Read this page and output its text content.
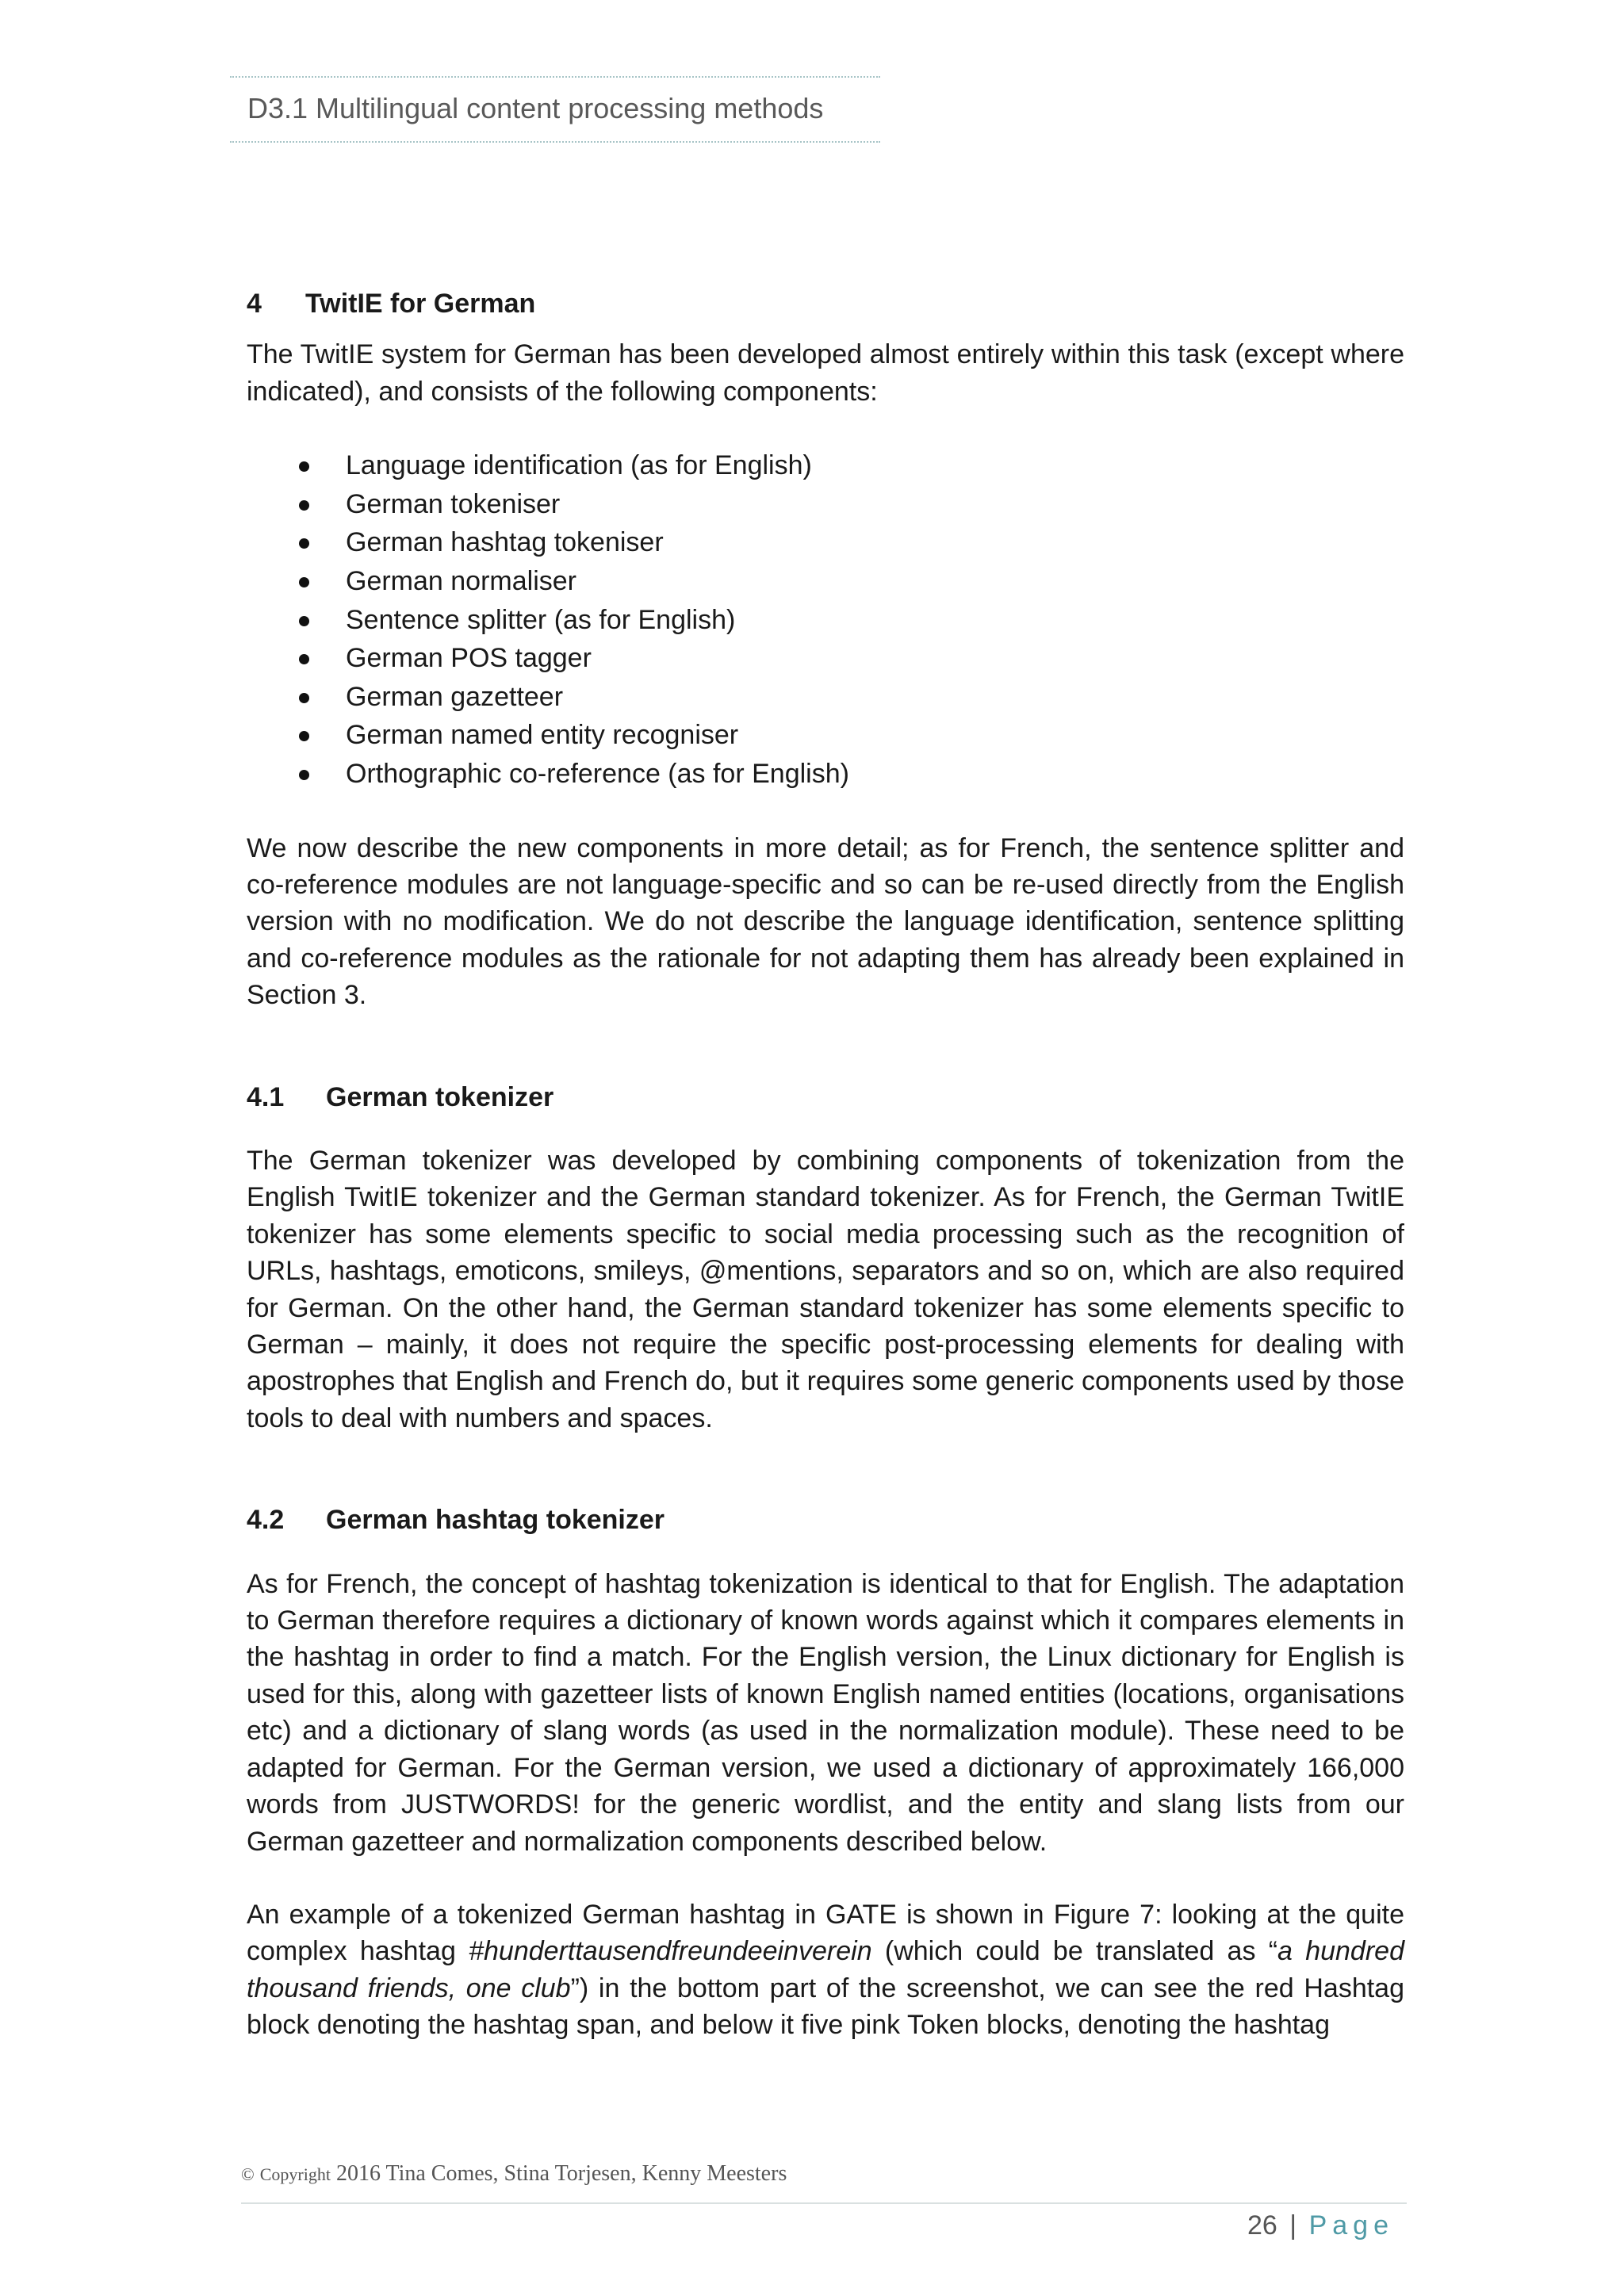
D3.1 Multilingual content processing methods
4	TwitIE for German

The TwitIE system for German has been developed almost entirely within this task (except where indicated), and consists of the following components:

Language identification (as for English)
German tokeniser
German hashtag tokeniser
German normaliser
Sentence splitter (as for English)
German POS tagger
German gazetteer
German named entity recogniser
Orthographic co-reference (as for English)

We now describe the new components in more detail; as for French, the sentence splitter and co-reference modules are not language-specific and so can be re-used directly from the English version with no modification. We do not describe the language identification, sentence splitting and co-reference modules as the rationale for not adapting them has already been explained in Section 3.

4.1	German tokenizer

The German tokenizer was developed by combining components of tokenization from the English TwitIE tokenizer and the German standard tokenizer. As for French, the German TwitIE tokenizer has some elements specific to social media processing such as the recognition of URLs, hashtags, emoticons, smileys, @mentions, separators and so on, which are also required for German. On the other hand, the German standard tokenizer has some elements specific to German – mainly, it does not require the specific post-processing elements for dealing with apostrophes that English and French do, but it requires some generic components used by those tools to deal with numbers and spaces.

4.2	German hashtag tokenizer

As for French, the concept of hashtag tokenization is identical to that for English. The adaptation to German therefore requires a dictionary of known words against which it compares elements in the hashtag in order to find a match. For the English version, the Linux dictionary for English is used for this, along with gazetteer lists of known English named entities (locations, organisations etc) and a dictionary of slang words (as used in the normalization module). These need to be adapted for German. For the German version, we used a dictionary of approximately 166,000 words from JUSTWORDS! for the generic wordlist, and the entity and slang lists from our German gazetteer and normalization components described below.

An example of a tokenized German hashtag in GATE is shown in Figure 7: looking at the quite complex hashtag #hunderttausendfreundeeinverein (which could be translated as “a hundred thousand friends, one club”) in the bottom part of the screenshot, we can see the red Hashtag block denoting the hashtag span, and below it five pink Token blocks, denoting the hashtag

© Copyright 2016 Tina Comes, Stina Torjesen, Kenny Meesters
26 | Page
